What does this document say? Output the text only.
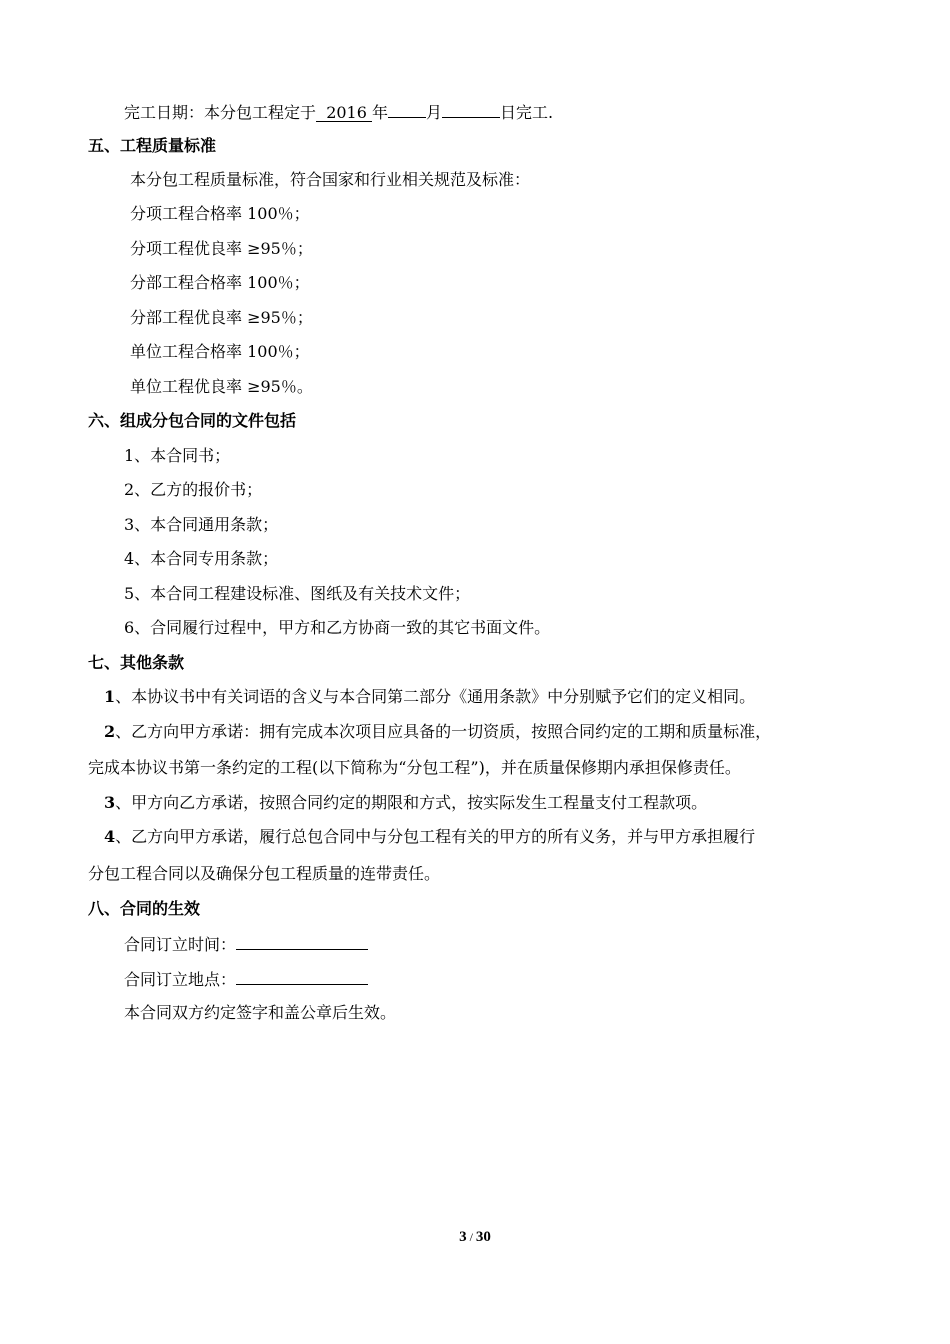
完工日期：本分包工程定于  2016 年 月	日完工.
五、工程质量标准
本分包工程质量标准，符合国家和行业相关规范及标准：
分项工程合格率 100％；
分项工程优良率 ≥95％；
分部工程合格率 100％；
分部工程优良率 ≥95％；
单位工程合格率 100％；
单位工程优良率 ≥95％。
六、组成分包合同的文件包括
1、本合同书；
2、乙方的报价书；
3、本合同通用条款；
4、本合同专用条款；
5、本合同工程建设标准、图纸及有关技术文件；
6、合同履行过程中，甲方和乙方协商一致的其它书面文件。
七、其他条款
1、本协议书中有关词语的含义与本合同第二部分《通用条款》中分别赋予它们的定义相同。
2、乙方向甲方承诺：拥有完成本次项目应具备的一切资质，按照合同约定的工期和质量标准，
完成本协议书第一条约定的工程(以下简称为“分包工程”)，并在质量保修期内承担保修责任。
3、甲方向乙方承诺，按照合同约定的期限和方式，按实际发生工程量支付工程款项。
4、乙方向甲方承诺，履行总包合同中与分包工程有关的甲方的所有义务，并与甲方承担履行
分包工程合同以及确保分包工程质量的连带责任。
八、合同的生效
合同订立时间：
合同订立地点：
本合同双方约定签字和盖公章后生效。
3 / 30
